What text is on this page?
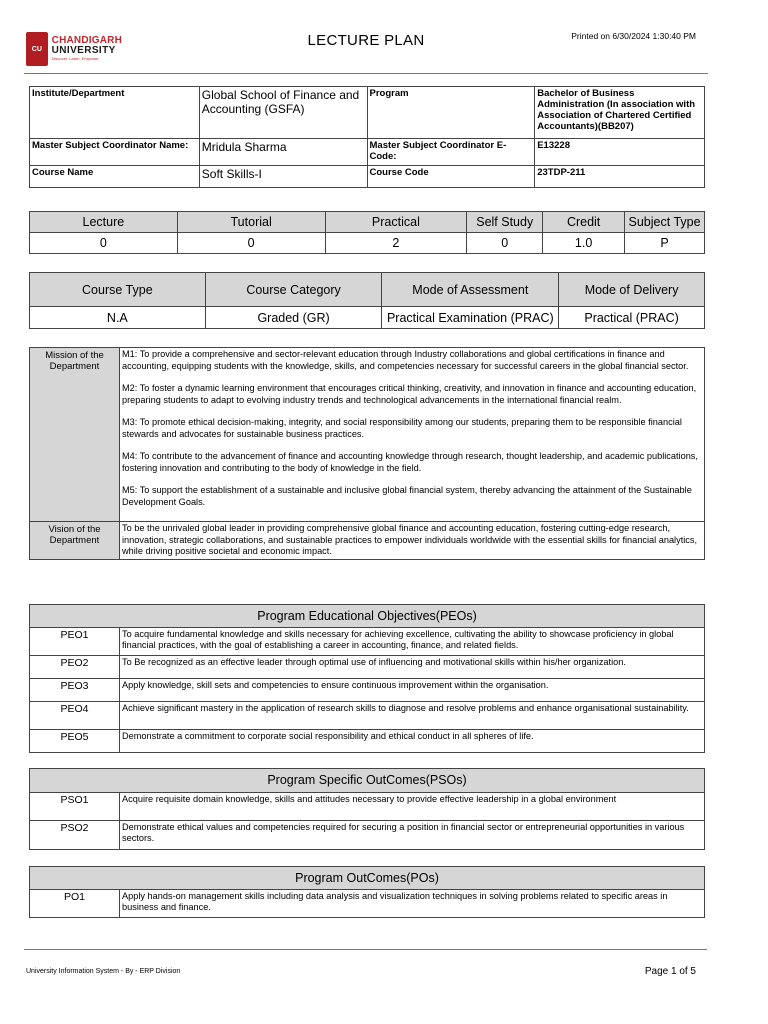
CU
CHANDIGARH
UNIVERSITY
Discover. Learn. Empower.
LECTURE PLAN	Printed on 6/30/2024 1:30:40 PM
Institute/Department	Global School of Finance and Accounting (GSFA)	Program	Bachelor of Business Administration (In association with Association of Chartered Certified Accountants)(BB207)
Master Subject Coordinator Name:	Mridula Sharma	Master Subject Coordinator E-Code:	E13228
Course Name	Soft Skills-I	Course Code	23TDP-211
Lecture	Tutorial	Practical	Self Study	Credit	Subject Type
0	0	2	0	1.0	P
Course Type	Course Category	Mode of Assessment	Mode of Delivery
N.A	Graded (GR)	Practical Examination (PRAC)	Practical (PRAC)
Mission of the Department	M1: To provide a comprehensive and sector-relevant education through Industry collaborations and global certifications in finance and accounting, equipping students with the knowledge, skills, and competencies necessary for successful careers in the global financial sector.

M2: To foster a dynamic learning environment that encourages critical thinking, creativity, and innovation in finance and accounting education, preparing students to adapt to evolving industry trends and technological advancements in the international financial realm.

M3: To promote ethical decision-making, integrity, and social responsibility among our students, preparing them to be responsible financial stewards and advocates for sustainable business practices.

M4: To contribute to the advancement of finance and accounting knowledge through research, thought leadership, and academic publications, fostering innovation and contributing to the body of knowledge in the field.

M5: To support the establishment of a sustainable and inclusive global financial system, thereby advancing the attainment of the Sustainable Development Goals.

Vision of the Department	To be the unrivaled global leader in providing comprehensive global finance and accounting education, fostering cutting-edge research, innovation, strategic collaborations, and sustainable practices to empower individuals worldwide with the essential skills for financial analytics, while driving positive societal and economic impact.
Program Educational Objectives(PEOs)	
PEO1	To acquire fundamental knowledge and skills necessary for achieving excellence, cultivating the ability to showcase proficiency in global financial practices, with the goal of establishing a career in accounting, finance, and related fields.
PEO2	To Be recognized as an effective leader through optimal use of influencing and motivational skills within his/her organization.
PEO3	Apply knowledge, skill sets and competencies to ensure continuous improvement within the organisation.
PEO4	Achieve significant mastery in the application of research skills to diagnose and resolve problems and enhance organisational sustainability.
PEO5	Demonstrate a commitment to corporate social responsibility and ethical conduct in all spheres of life.
Program Specific OutComes(PSOs)	
PSO1	Acquire requisite domain knowledge, skills and attitudes necessary to provide effective leadership in a global environment
PSO2	Demonstrate ethical values and competencies required for securing a position in financial sector or entrepreneurial opportunities in various sectors.
Program OutComes(POs)
PO1	Apply hands-on management skills including data analysis and visualization techniques in solving problems related to specific areas in business and finance.
University Information System - By - ERP Division	Page 1 of 5
